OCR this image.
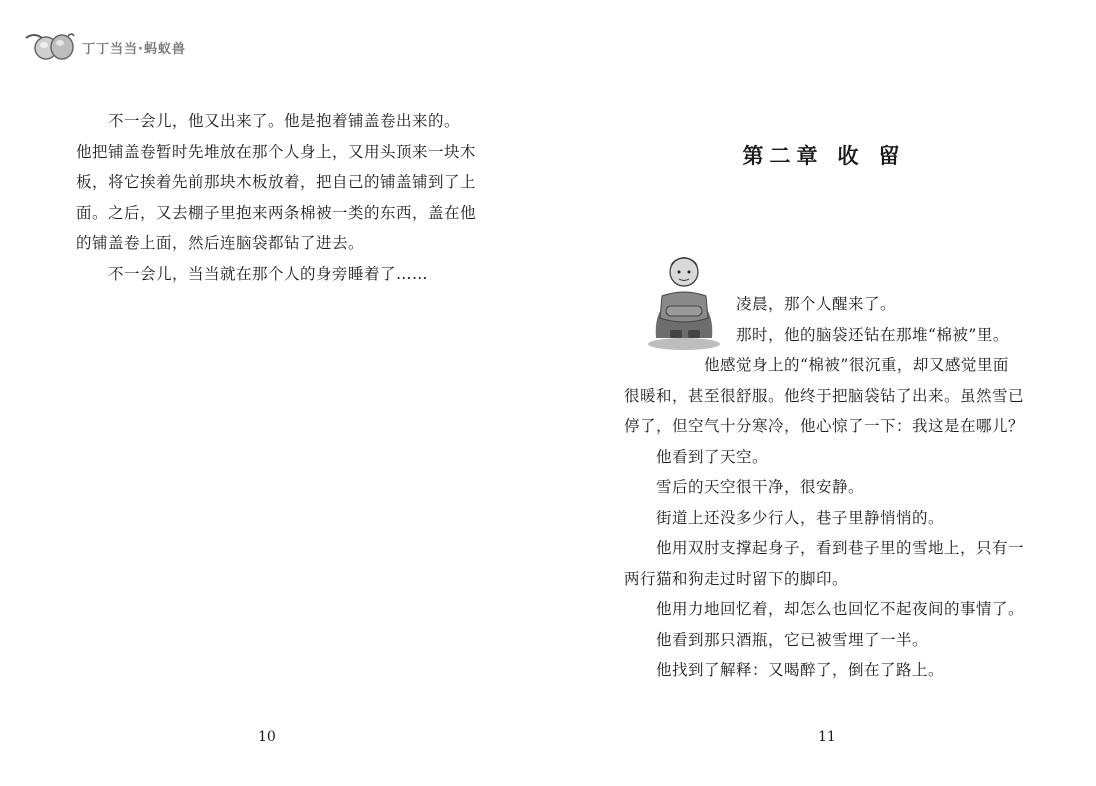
丁丁当当·蚂蚁兽

不一会儿，他又出来了。他是抱着铺盖卷出来的。

他把铺盖卷暂时先堆放在那个人身上，又用头顶来一块木

板，将它挨着先前那块木板放着，把自己的铺盖铺到了上

面。之后，又去棚子里抱来两条棉被一类的东西，盖在他

的铺盖卷上面，然后连脑袋都钻了进去。

不一会儿，当当就在那个人的身旁睡着了……

第二章 收 留

凌晨，那个人醒来了。

那时，他的脑袋还钻在那堆“棉被”里。

他感觉身上的“棉被”很沉重，却又感觉里面

很暖和，甚至很舒服。他终于把脑袋钻了出来。虽然雪已

停了，但空气十分寒冷，他心惊了一下：我这是在哪儿？

他看到了天空。

雪后的天空很干净，很安静。

街道上还没多少行人，巷子里静悄悄的。

他用双肘支撑起身子，看到巷子里的雪地上，只有一

两行猫和狗走过时留下的脚印。

他用力地回忆着，却怎么也回忆不起夜间的事情了。

他看到那只酒瓶，它已被雪埋了一半。

他找到了解释：又喝醉了，倒在了路上。

10	11
